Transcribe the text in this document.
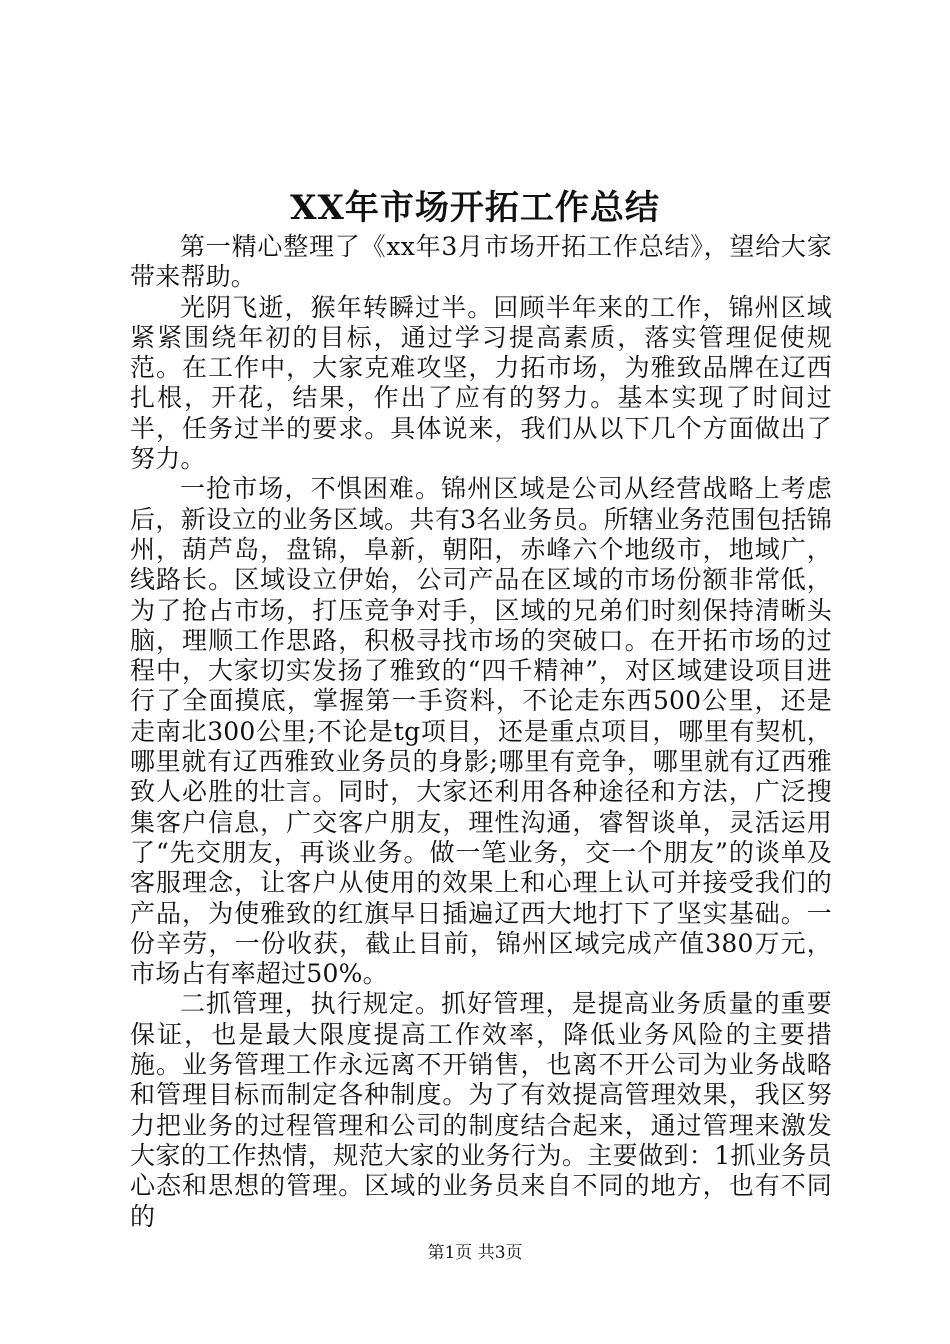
XX年市场开拓工作总结

第一精心整理了《xx年3月市场开拓工作总结》，望给大家带来帮助。

光阴飞逝，猴年转瞬过半。回顾半年来的工作，锦州区域紧紧围绕年初的目标，通过学习提高素质，落实管理促使规范。在工作中，大家克难攻坚，力拓市场，为雅致品牌在辽西扎根，开花，结果，作出了应有的努力。基本实现了时间过半，任务过半的要求。具体说来，我们从以下几个方面做出了努力。

一抢市场，不惧困难。锦州区域是公司从经营战略上考虑后，新设立的业务区域。共有3名业务员。所辖业务范围包括锦州，葫芦岛，盘锦，阜新，朝阳，赤峰六个地级市，地域广，线路长。区域设立伊始，公司产品在区域的市场份额非常低，为了抢占市场，打压竞争对手，区域的兄弟们时刻保持清晰头脑，理顺工作思路，积极寻找市场的突破口。在开拓市场的过程中，大家切实发扬了雅致的“四千精神”，对区域建设项目进行了全面摸底，掌握第一手资料，不论走东西500公里，还是走南北300公里;不论是tg项目，还是重点项目，哪里有契机，哪里就有辽西雅致业务员的身影;哪里有竞争，哪里就有辽西雅致人必胜的壮言。同时，大家还利用各种途径和方法，广泛搜集客户信息，广交客户朋友，理性沟通，睿智谈单，灵活运用了“先交朋友，再谈业务。做一笔业务，交一个朋友”的谈单及客服理念，让客户从使用的效果上和心理上认可并接受我们的产品，为使雅致的红旗早日插遍辽西大地打下了坚实基础。一份辛劳，一份收获，截止目前，锦州区域完成产值380万元，市场占有率超过50%。

二抓管理，执行规定。抓好管理，是提高业务质量的重要保证，也是最大限度提高工作效率，降低业务风险的主要措施。业务管理工作永远离不开销售，也离不开公司为业务战略和管理目标而制定各种制度。为了有效提高管理效果，我区努力把业务的过程管理和公司的制度结合起来，通过管理来激发大家的工作热情，规范大家的业务行为。主要做到：1抓业务员心态和思想的管理。区域的业务员来自不同的地方，也有不同的

第1页 共3页
